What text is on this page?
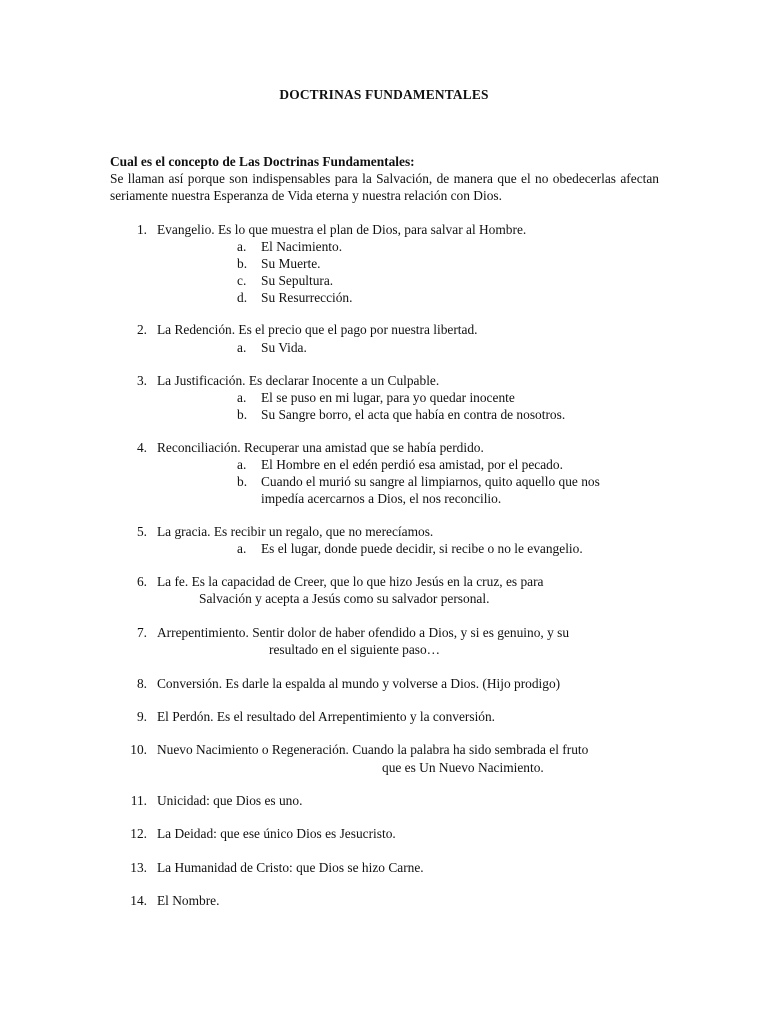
DOCTRINAS FUNDAMENTALES
Cual es el concepto de Las Doctrinas Fundamentales:
Se llaman así porque son indispensables para la Salvación, de manera que el no obedecerlas afectan seriamente nuestra Esperanza de Vida eterna y nuestra relación con Dios.
1. Evangelio. Es lo que muestra el plan de Dios, para salvar al Hombre.
a. El Nacimiento.
b. Su Muerte.
c. Su Sepultura.
d. Su Resurrección.
2. La Redención. Es el precio que el pago por nuestra libertad.
a. Su Vida.
3. La Justificación. Es declarar Inocente a un Culpable.
a. El se puso en mi lugar, para yo quedar inocente
b. Su Sangre borro, el acta que había en contra de nosotros.
4. Reconciliación. Recuperar una amistad que se había perdido.
a. El Hombre en el edén perdió esa amistad, por el pecado.
b. Cuando el murió su sangre al limpiarnos, quito aquello que nos
impedía acercarnos a Dios, el nos reconcilio.
5. La gracia. Es recibir un regalo, que no merecíamos.
a. Es el lugar, donde puede decidir, si recibe o no le evangelio.
6. La fe. Es la capacidad de Creer, que lo que hizo Jesús en la cruz, es para
Salvación y acepta a Jesús como su salvador personal.
7. Arrepentimiento. Sentir dolor de haber ofendido a Dios, y si es genuino, y su
resultado en el siguiente paso…
8. Conversión. Es darle la espalda al mundo y volverse a Dios. (Hijo prodigo)
9. El Perdón. Es el resultado del Arrepentimiento y la conversión.
10. Nuevo Nacimiento o Regeneración. Cuando la palabra ha sido sembrada el fruto
que es Un Nuevo Nacimiento.
11. Unicidad: que Dios es uno.
12. La Deidad: que ese único Dios es Jesucristo.
13. La Humanidad de Cristo: que Dios se hizo Carne.
14. El Nombre.
